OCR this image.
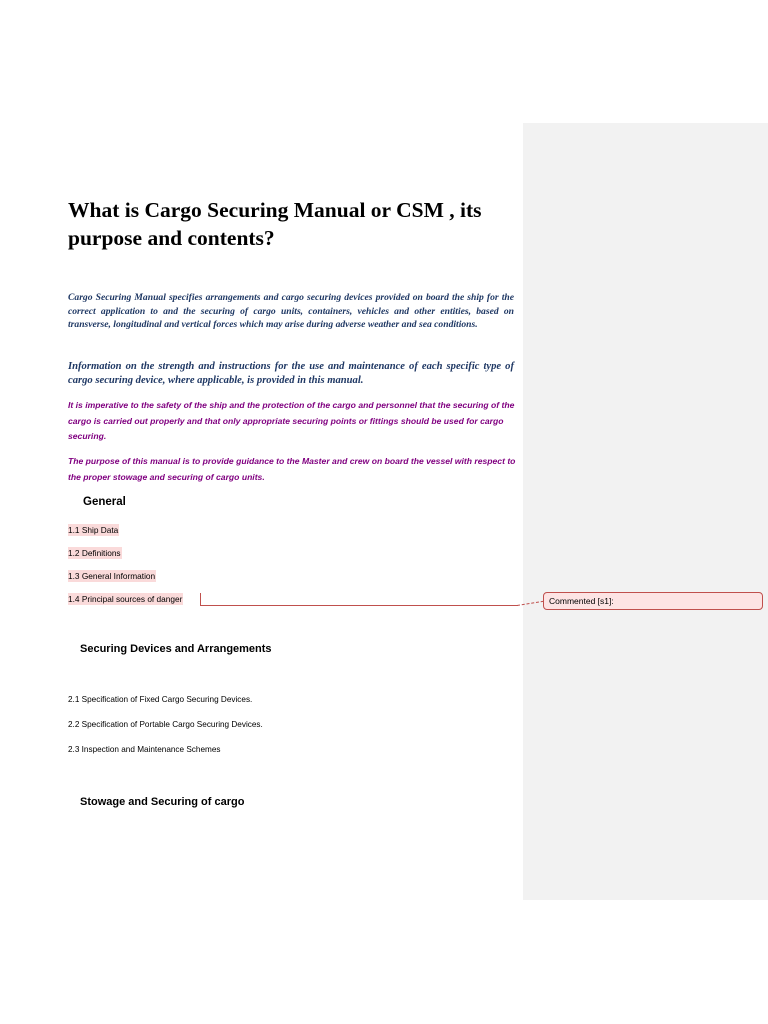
What is Cargo Securing Manual or CSM , its purpose and contents?

Cargo Securing Manual specifies arrangements and cargo securing devices provided on board the ship for the correct application to and the securing of cargo units, containers, vehicles and other entities, based on transverse, longitudinal and vertical forces which may arise during adverse weather and sea conditions.

Information on the strength and instructions for the use and maintenance of each specific type of cargo securing device, where applicable, is provided in this manual.

It is imperative to the safety of the ship and the protection of the cargo and personnel that the securing of the cargo is carried out properly and that only appropriate securing points or fittings should be used for cargo securing.

The purpose of this manual is to provide guidance to the Master and crew on board the vessel with respect to the proper stowage and securing of cargo units.

General
1.1 Ship Data
1.2 Definitions
1.3 General Information
1.4 Principal sources of danger	Commented [s1]:
Securing Devices and Arrangements
2.1 Specification of Fixed Cargo Securing Devices.
2.2 Specification of Portable Cargo Securing Devices.
2.3 Inspection and Maintenance Schemes
Stowage and Securing of cargo
